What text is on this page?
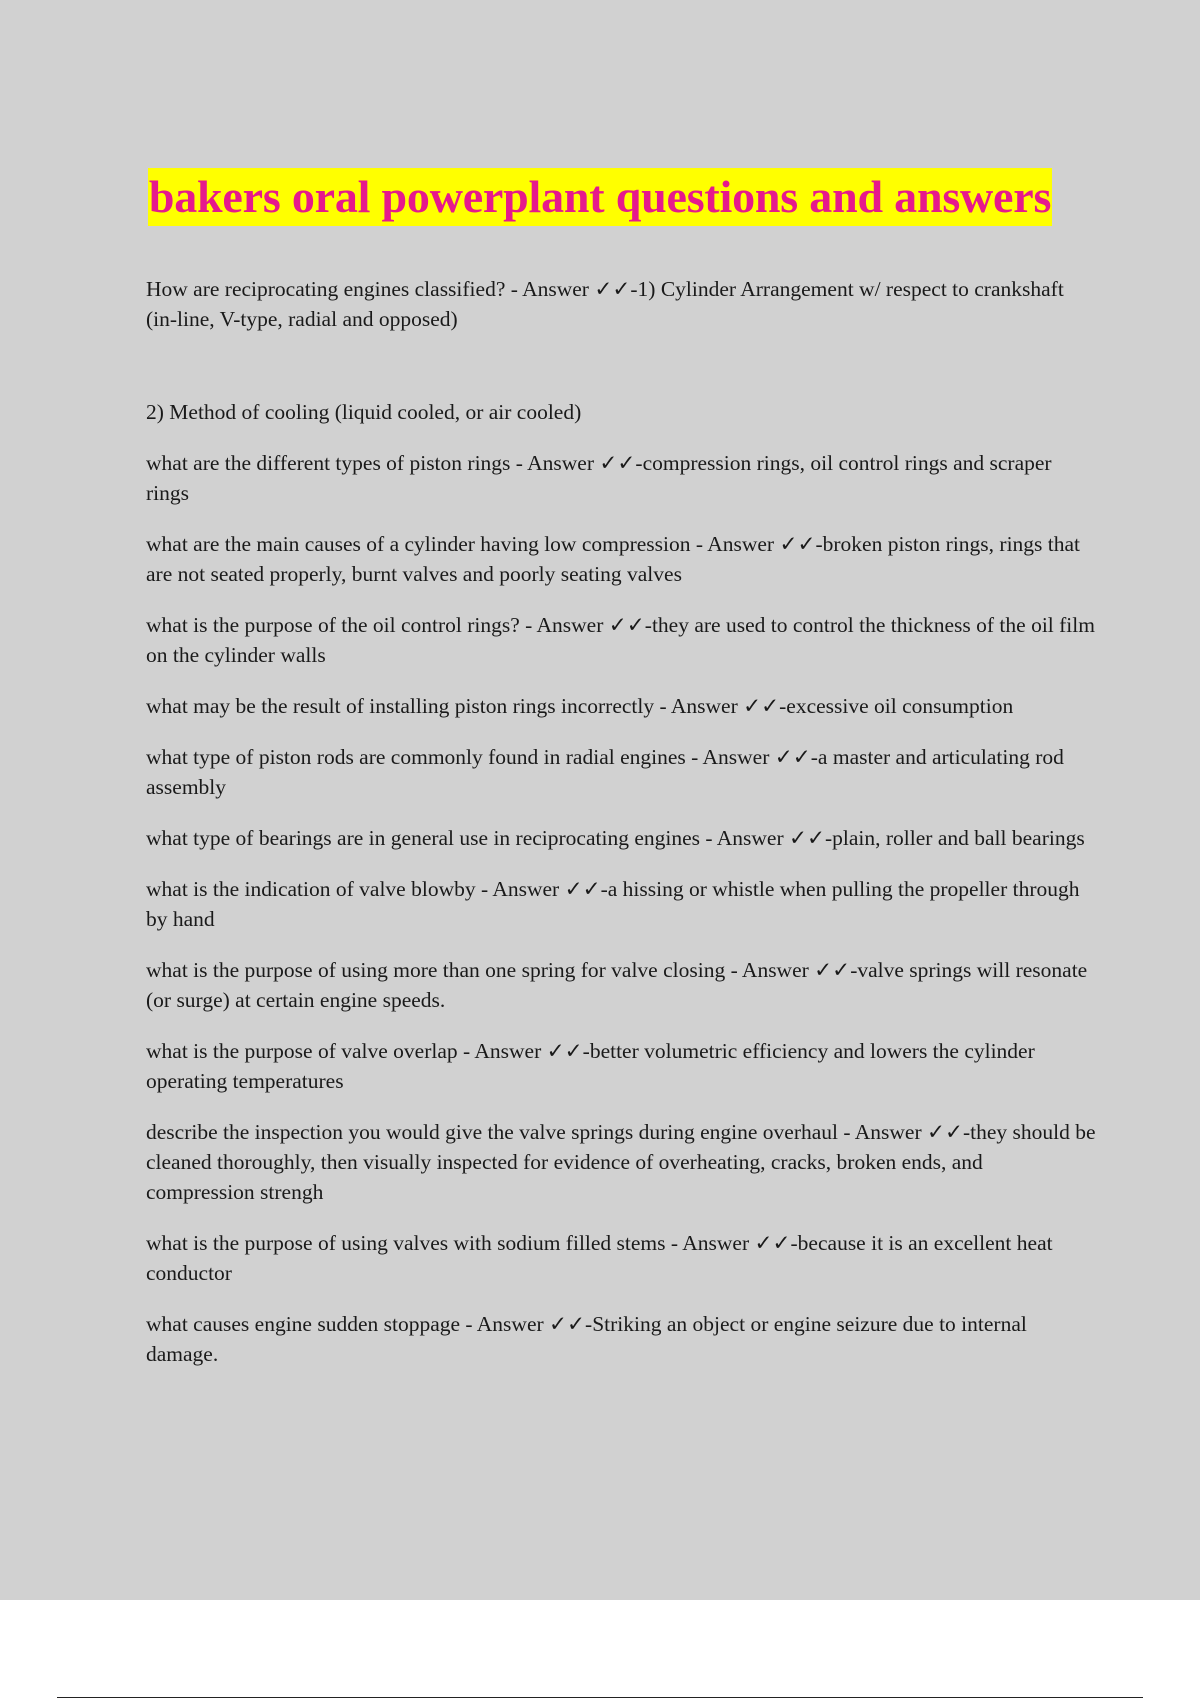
bakers oral powerplant questions and answers

How are reciprocating engines classified? - Answer ✓✓-1) Cylinder Arrangement w/ respect to crankshaft (in-line, V-type, radial and opposed)

2) Method of cooling (liquid cooled, or air cooled)

what are the different types of piston rings - Answer ✓✓-compression rings, oil control rings and scraper rings

what are the main causes of a cylinder having low compression - Answer ✓✓-broken piston rings, rings that are not seated properly, burnt valves and poorly seating valves

what is the purpose of the oil control rings? - Answer ✓✓-they are used to control the thickness of the oil film on the cylinder walls

what may be the result of installing piston rings incorrectly - Answer ✓✓-excessive oil consumption

what type of piston rods are commonly found in radial engines - Answer ✓✓-a master and articulating rod assembly

what type of bearings are in general use in reciprocating engines - Answer ✓✓-plain, roller and ball bearings

what is the indication of valve blowby - Answer ✓✓-a hissing or whistle when pulling the propeller through by hand

what is the purpose of using more than one spring for valve closing - Answer ✓✓-valve springs will resonate (or surge) at certain engine speeds.

what is the purpose of valve overlap - Answer ✓✓-better volumetric efficiency and lowers the cylinder operating temperatures

describe the inspection you would give the valve springs during engine overhaul - Answer ✓✓-they should be cleaned thoroughly, then visually inspected for evidence of overheating, cracks, broken ends, and compression strengh

what is the purpose of using valves with sodium filled stems - Answer ✓✓-because it is an excellent heat conductor

what causes engine sudden stoppage - Answer ✓✓-Striking an object or engine seizure due to internal damage.
